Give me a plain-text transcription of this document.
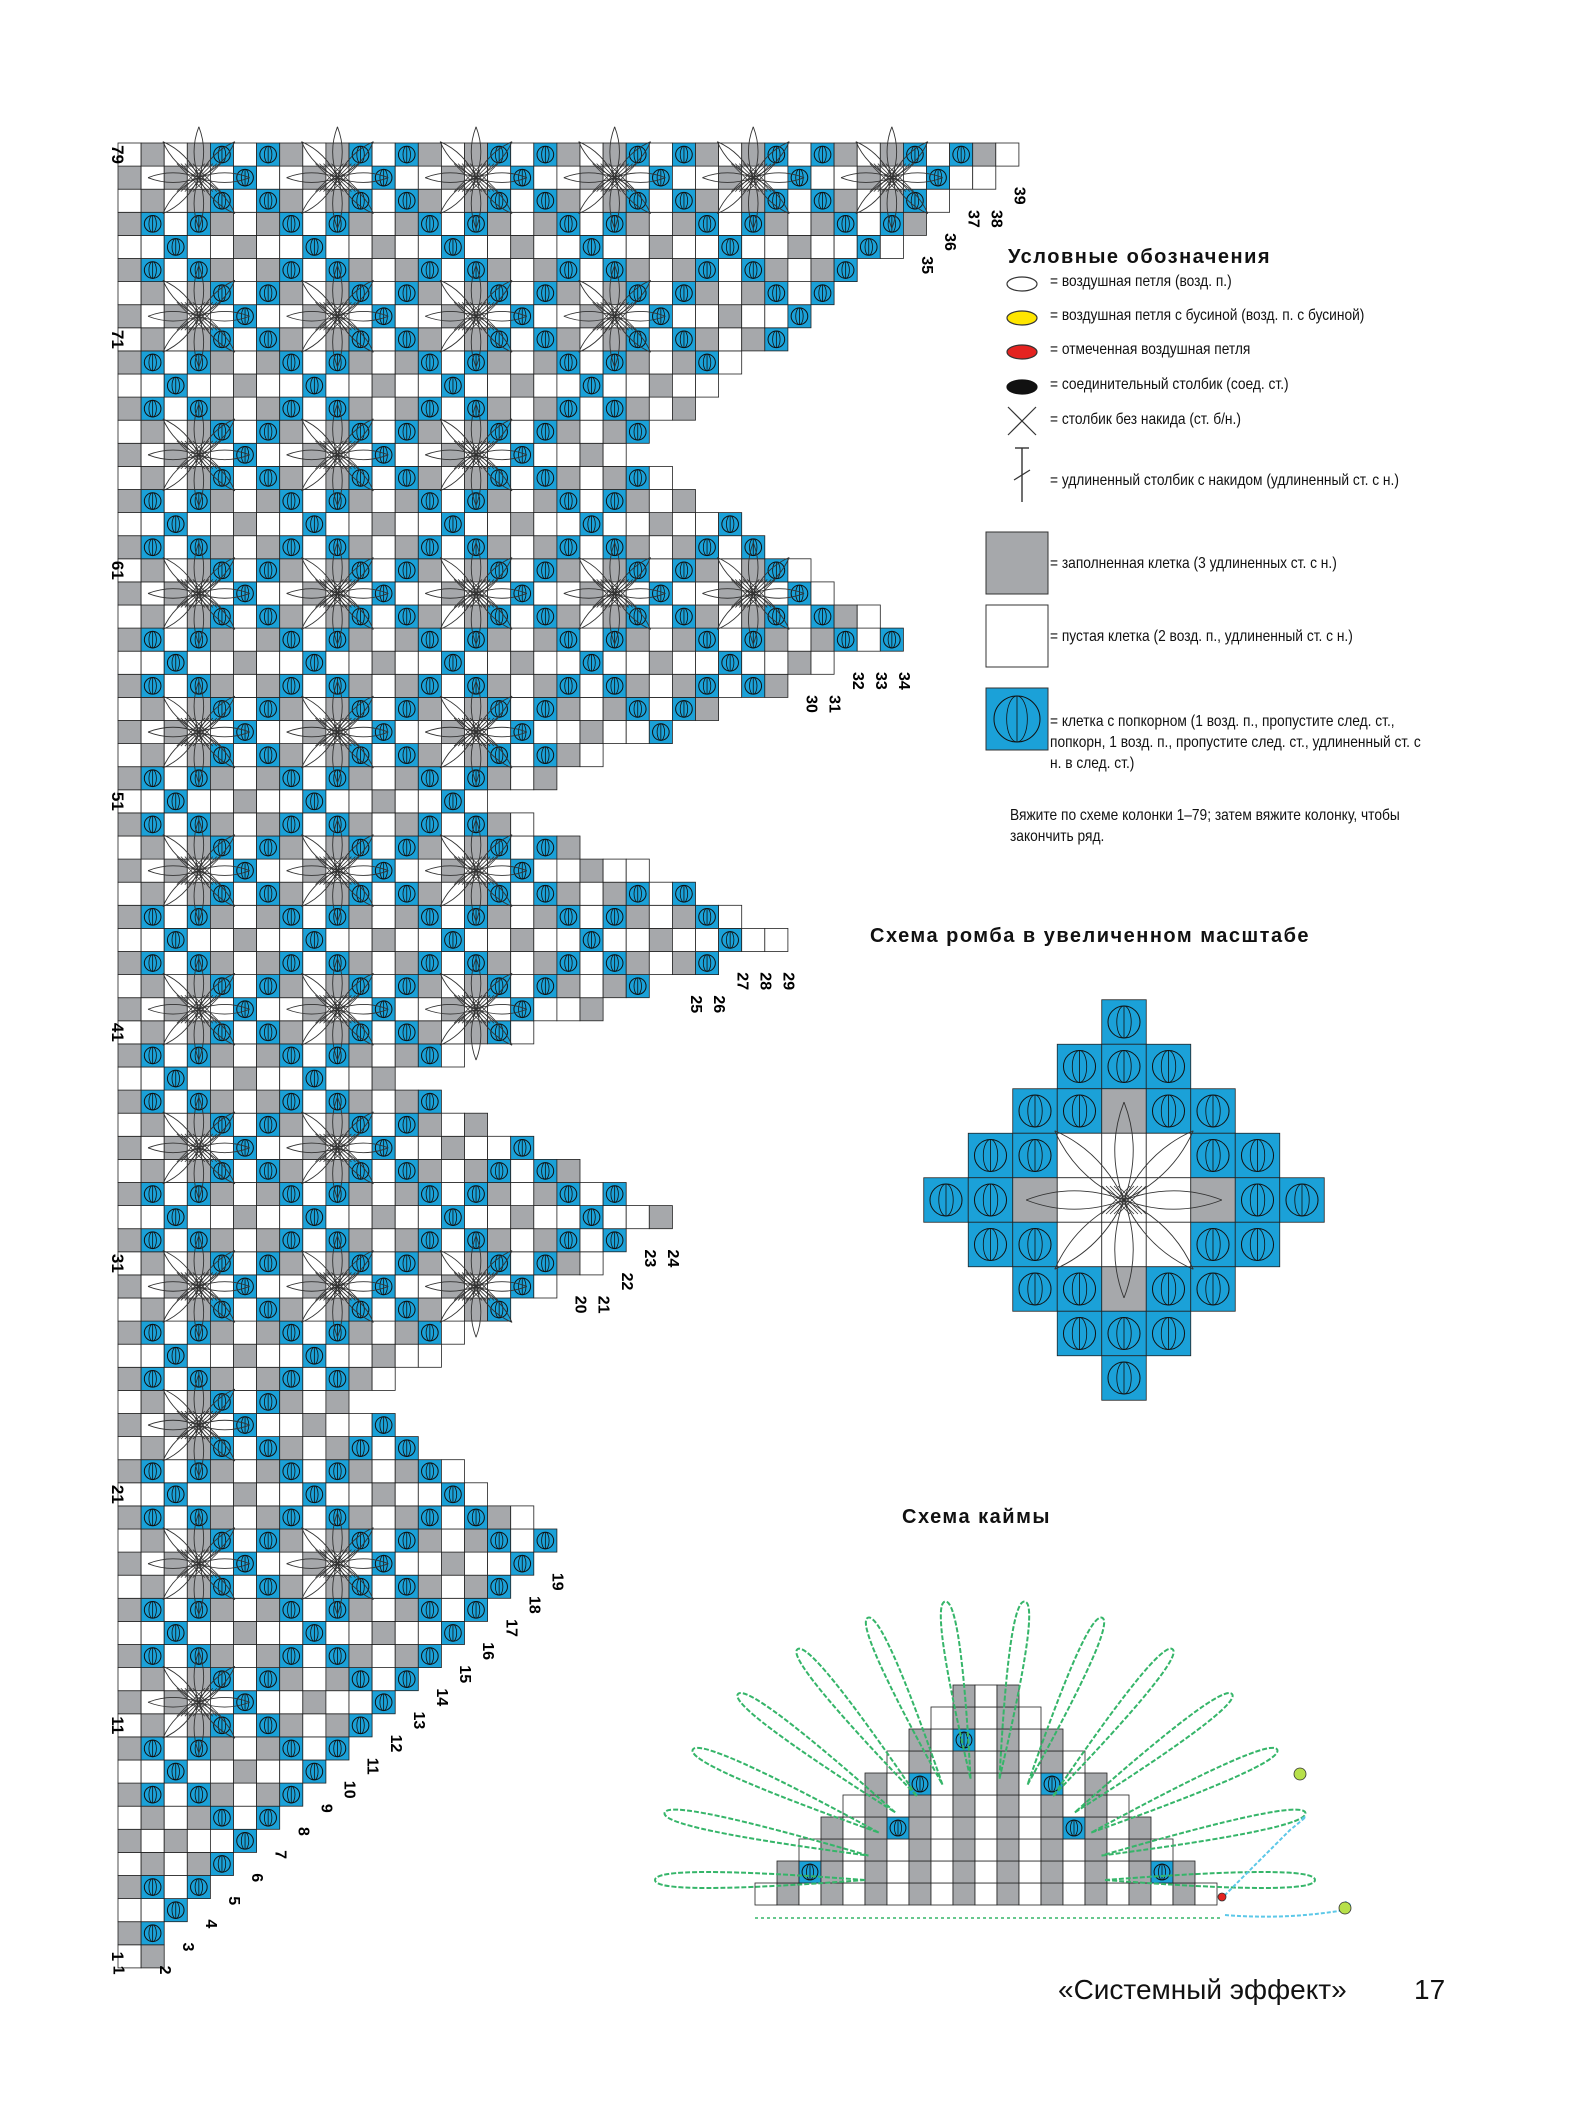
1
11
21
31
41
51
61
71
79
1 2
3
4
5
6
7
8
9
10
11
12
13
14
15
16
17
18
19
20 21
22
23 24
25 26
27 28 29
30 31
32 33 34
35
36
37 38
39
Условные обозначения
= воздушная петля (возд. п.)
= воздушная петля с бусиной (возд. п. с бусиной)
= отмеченная воздушная петля
= соединительный столбик (соед. ст.)
= столбик без накида (ст. б/н.)
= удлиненный столбик с накидом (удлиненный ст. с н.)
= заполненная клетка (3 удлиненных ст. с н.)
= пустая клетка (2 возд. п., удлиненный ст. с н.)
= клетка с попкорном (1 возд. п., пропустите след. ст., попкорн, 1 возд. п., пропустите след. ст., удлиненный ст. с н. в след. ст.)
Вяжите по схеме колонки 1–79; затем вяжите колонку, чтобы закончить ряд.
Схема ромба в увеличенном масштабе
Схема каймы
«Системный эффект» 17
